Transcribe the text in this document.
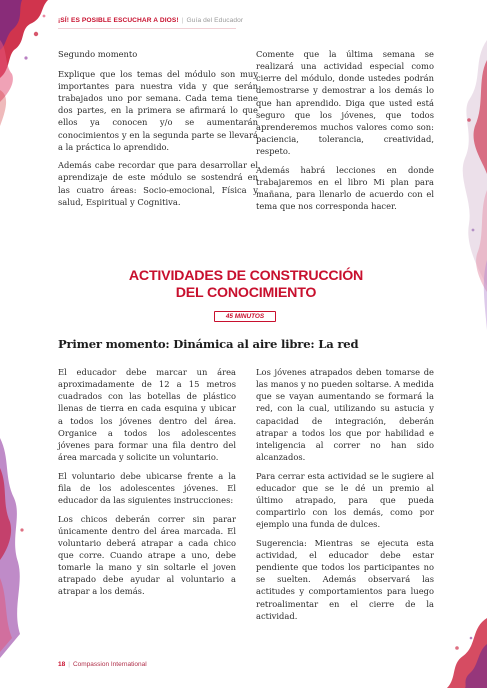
¡SÍ! ES POSIBLE ESCUCHAR A DIOS! | Guía del Educador

Segundo momento

Explique que los temas del módulo son muy importantes para nuestra vida y que serán trabajados uno por semana. Cada tema tiene dos partes, en la primera se afirmará lo que ellos ya conocen y/o se aumentarán conocimientos y en la segunda parte se llevará a la práctica lo aprendido.

Además cabe recordar que para desarrollar el aprendizaje de este módulo se sostendrá en las cuatro áreas: Socio-emocional, Física y salud, Espiritual y Cognitiva.

Comente que la última semana se realizará una actividad especial como cierre del módulo, donde ustedes podrán demostrarse y demostrar a los demás lo que han aprendido. Diga que usted está seguro que los jóvenes, que todos aprenderemos muchos valores como son: paciencia, tolerancia, creatividad, respeto.

Además habrá lecciones en donde trabajaremos en el libro Mi plan para mañana, para llenarlo de acuerdo con el tema que nos corresponda hacer.

ACTIVIDADES DE CONSTRUCCIÓN
DEL CONOCIMIENTO
45 MINUTOS
Primer momento: Dinámica al aire libre: La red

El educador debe marcar un área aproximadamente de 12 a 15 metros cuadrados con las botellas de plástico llenas de tierra en cada esquina y ubicar a todos los jóvenes dentro del área. Organice a todos los adolescentes jóvenes para formar una fila dentro del área marcada y solicite un voluntario.

El voluntario debe ubicarse frente a la fila de los adolescentes jóvenes. El educador da las siguientes instrucciones:

Los chicos deberán correr sin parar únicamente dentro del área marcada. El voluntario deberá atrapar a cada chico que corre. Cuando atrape a uno, debe tomarle la mano y sin soltarle el joven atrapado debe ayudar al voluntario a atrapar a los demás.

Los jóvenes atrapados deben tomarse de las manos y no pueden soltarse. A medida que se vayan aumentando se formará la red, con la cual, utilizando su astucia y capacidad de integración, deberán atrapar a todos los que por habilidad e inteligencia al correr no han sido alcanzados.

Para cerrar esta actividad se le sugiere al educador que se le dé un premio al último atrapado, para que pueda compartirlo con los demás, como por ejemplo una funda de dulces.

Sugerencia: Mientras se ejecuta esta actividad, el educador debe estar pendiente que todos los participantes no se suelten. Además observará las actitudes y comportamientos para luego retroalimentar en el cierre de la actividad.

18 | Compassion International
